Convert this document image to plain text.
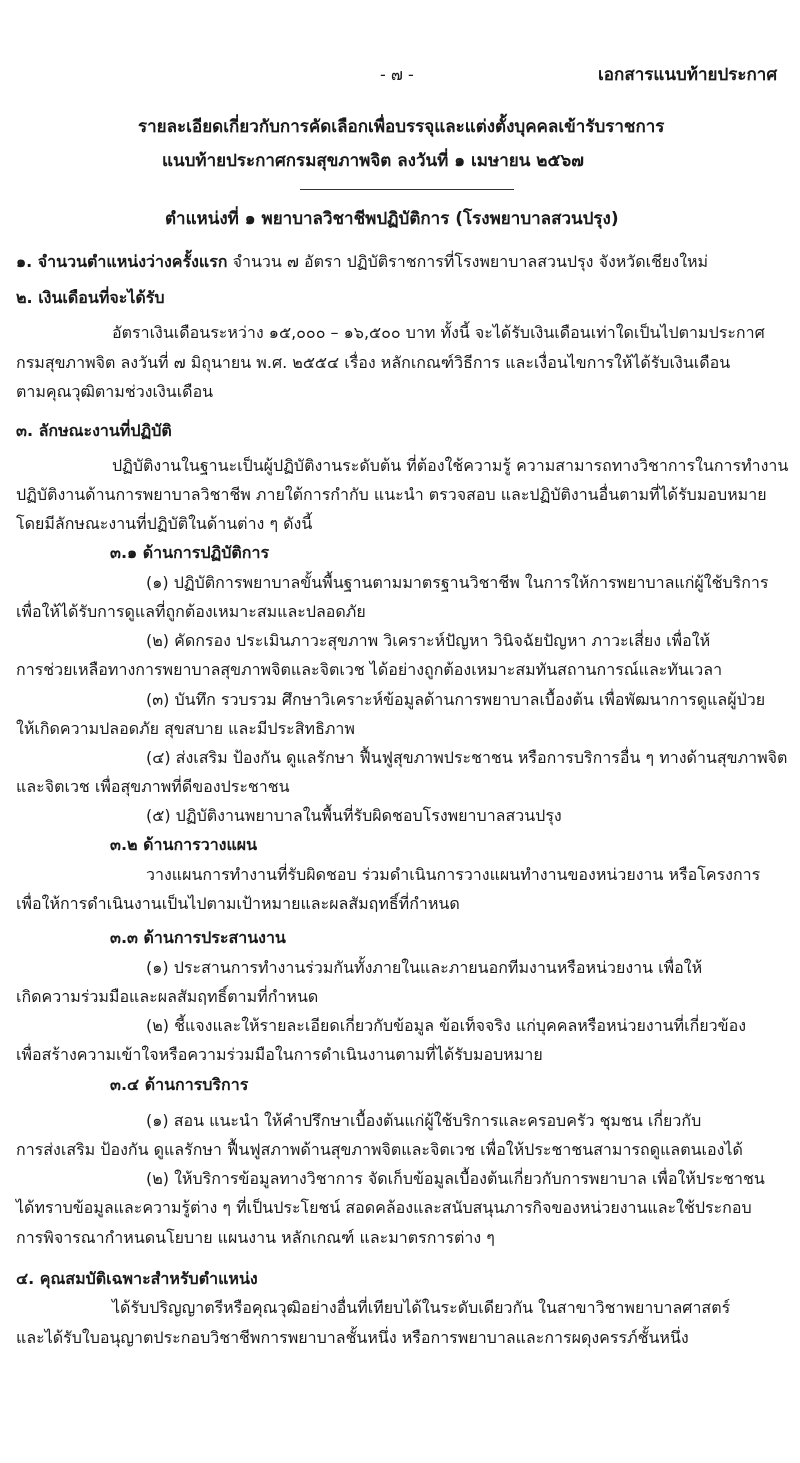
- ๗ -	เอกสารแนบท้ายประกาศ
รายละเอียดเกี่ยวกับการคัดเลือกเพื่อบรรจุและแต่งตั้งบุคคลเข้ารับราชการ
แนบท้ายประกาศกรมสุขภาพจิต ลงวันที่ ๑ เมษายน ๒๕๖๗
ตำแหน่งที่ ๑ พยาบาลวิชาชีพปฏิบัติการ (โรงพยาบาลสวนปรุง)
๑. จำนวนตำแหน่งว่างครั้งแรก จำนวน ๗ อัตรา ปฏิบัติราชการที่โรงพยาบาลสวนปรุง จังหวัดเชียงใหม่
๒. เงินเดือนที่จะได้รับ
อัตราเงินเดือนระหว่าง ๑๕,๐๐๐ – ๑๖,๕๐๐ บาท ทั้งนี้ จะได้รับเงินเดือนเท่าใดเป็นไปตามประกาศ
กรมสุขภาพจิต ลงวันที่ ๗ มิถุนายน พ.ศ. ๒๕๕๔ เรื่อง หลักเกณฑ์วิธีการ และเงื่อนไขการให้ได้รับเงินเดือน
ตามคุณวุฒิตามช่วงเงินเดือน
๓. ลักษณะงานที่ปฏิบัติ
ปฏิบัติงานในฐานะเป็นผู้ปฏิบัติงานระดับต้น ที่ต้องใช้ความรู้ ความสามารถทางวิชาการในการทำงาน
ปฏิบัติงานด้านการพยาบาลวิชาชีพ ภายใต้การกำกับ แนะนำ ตรวจสอบ และปฏิบัติงานอื่นตามที่ได้รับมอบหมาย
โดยมีลักษณะงานที่ปฏิบัติในด้านต่าง ๆ ดังนี้
๓.๑ ด้านการปฏิบัติการ
(๑) ปฏิบัติการพยาบาลขั้นพื้นฐานตามมาตรฐานวิชาชีพ ในการให้การพยาบาลแก่ผู้ใช้บริการ
เพื่อให้ได้รับการดูแลที่ถูกต้องเหมาะสมและปลอดภัย
(๒) คัดกรอง ประเมินภาวะสุขภาพ วิเคราะห์ปัญหา วินิจฉัยปัญหา ภาวะเสี่ยง เพื่อให้
การช่วยเหลือทางการพยาบาลสุขภาพจิตและจิตเวช ได้อย่างถูกต้องเหมาะสมทันสถานการณ์และทันเวลา
(๓) บันทึก รวบรวม ศึกษาวิเคราะห์ข้อมูลด้านการพยาบาลเบื้องต้น เพื่อพัฒนาการดูแลผู้ป่วย
ให้เกิดความปลอดภัย สุขสบาย และมีประสิทธิภาพ
(๔) ส่งเสริม ป้องกัน ดูแลรักษา ฟื้นฟูสุขภาพประชาชน หรือการบริการอื่น ๆ ทางด้านสุขภาพจิต
และจิตเวช เพื่อสุขภาพที่ดีของประชาชน
(๕) ปฏิบัติงานพยาบาลในพื้นที่รับผิดชอบโรงพยาบาลสวนปรุง
๓.๒ ด้านการวางแผน
วางแผนการทำงานที่รับผิดชอบ ร่วมดำเนินการวางแผนทำงานของหน่วยงาน หรือโครงการ
เพื่อให้การดำเนินงานเป็นไปตามเป้าหมายและผลสัมฤทธิ์ที่กำหนด
๓.๓ ด้านการประสานงาน
(๑) ประสานการทำงานร่วมกันทั้งภายในและภายนอกทีมงานหรือหน่วยงาน เพื่อให้
เกิดความร่วมมือและผลสัมฤทธิ์ตามที่กำหนด
(๒) ชี้แจงและให้รายละเอียดเกี่ยวกับข้อมูล ข้อเท็จจริง แก่บุคคลหรือหน่วยงานที่เกี่ยวข้อง
เพื่อสร้างความเข้าใจหรือความร่วมมือในการดำเนินงานตามที่ได้รับมอบหมาย
๓.๔ ด้านการบริการ
(๑) สอน แนะนำ ให้คำปรึกษาเบื้องต้นแก่ผู้ใช้บริการและครอบครัว ชุมชน เกี่ยวกับ
การส่งเสริม ป้องกัน ดูแลรักษา ฟื้นฟูสภาพด้านสุขภาพจิตและจิตเวช เพื่อให้ประชาชนสามารถดูแลตนเองได้
(๒) ให้บริการข้อมูลทางวิชาการ จัดเก็บข้อมูลเบื้องต้นเกี่ยวกับการพยาบาล เพื่อให้ประชาชน
ได้ทราบข้อมูลและความรู้ต่าง ๆ ที่เป็นประโยชน์ สอดคล้องและสนับสนุนภารกิจของหน่วยงานและใช้ประกอบ
การพิจารณากำหนดนโยบาย แผนงาน หลักเกณฑ์ และมาตรการต่าง ๆ
๔. คุณสมบัติเฉพาะสำหรับตำแหน่ง
ได้รับปริญญาตรีหรือคุณวุฒิอย่างอื่นที่เทียบได้ในระดับเดียวกัน ในสาขาวิชาพยาบาลศาสตร์
และได้รับใบอนุญาตประกอบวิชาชีพการพยาบาลชั้นหนึ่ง หรือการพยาบาลและการผดุงครรภ์ชั้นหนึ่ง
